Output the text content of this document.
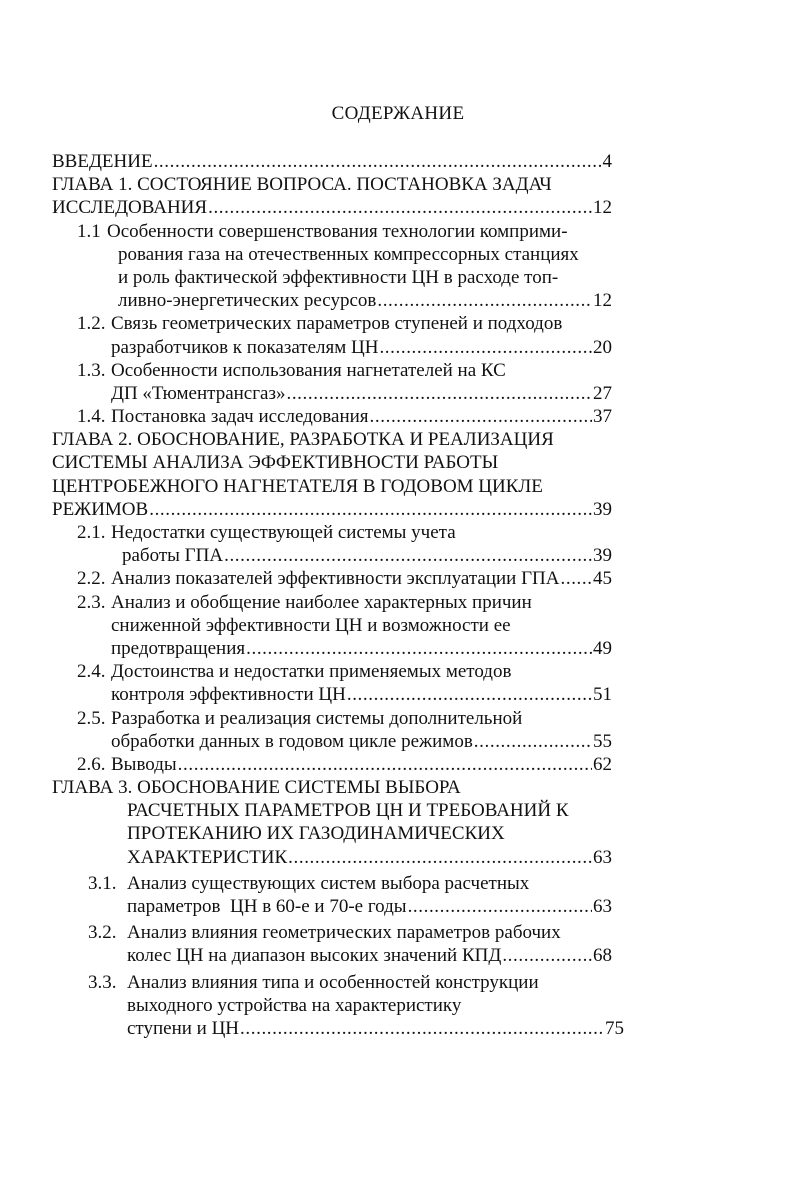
СОДЕРЖАНИЕ
ВВЕДЕНИЕ .....	4
ГЛАВА 1. СОСТОЯНИЕ ВОПРОСА. ПОСТАНОВКА ЗАДАЧ
ИССЛЕДОВАНИЯ .....	12
1.1 Особенности совершенствования технологии комприми-
рования газа на отечественных компрессорных станциях
и роль фактической эффективности ЦН в расходе топ-
ливно-энергетических ресурсов .....	12
1.2. Связь геометрических параметров ступеней и подходов
разработчиков к показателям ЦН .....	20
1.3. Особенности использования нагнетателей на КС
ДП «Тюментрансгаз» .....	27
1.4. Постановка задач исследования .....	37
ГЛАВА 2. ОБОСНОВАНИЕ, РАЗРАБОТКА И РЕАЛИЗАЦИЯ
СИСТЕМЫ АНАЛИЗА ЭФФЕКТИВНОСТИ РАБОТЫ
ЦЕНТРОБЕЖНОГО НАГНЕТАТЕЛЯ В ГОДОВОМ ЦИКЛЕ
РЕЖИМОВ .....	39
2.1. Недостатки существующей системы учета
работы ГПА .....	39
2.2. Анализ показателей эффективности эксплуатации ГПА ..... 45
2.3. Анализ и обобщение наиболее характерных причин
сниженной эффективности ЦН и возможности ее
предотвращения .....	49
2.4. Достоинства и недостатки применяемых методов
контроля эффективности ЦН .....	51
2.5. Разработка и реализация системы дополнительной
обработки данных в годовом цикле режимов .....	55
2.6. Выводы .....	62
ГЛАВА 3. ОБОСНОВАНИЕ СИСТЕМЫ ВЫБОРА
РАСЧЕТНЫХ ПАРАМЕТРОВ ЦН И ТРЕБОВАНИЙ К
ПРОТЕКАНИЮ ИХ ГАЗОДИНАМИЧЕСКИХ
ХАРАКТЕРИСТИК .....	63
3.1. Анализ существующих систем выбора расчетных
параметров  ЦН в 60-е и 70-е годы .....	63
3.2. Анализ влияния геометрических параметров рабочих
колес ЦН на диапазон высоких значений КПД .....	68
3.3. Анализ влияния типа и особенностей конструкции
выходного устройства на характеристику
ступени и ЦН .....	75
